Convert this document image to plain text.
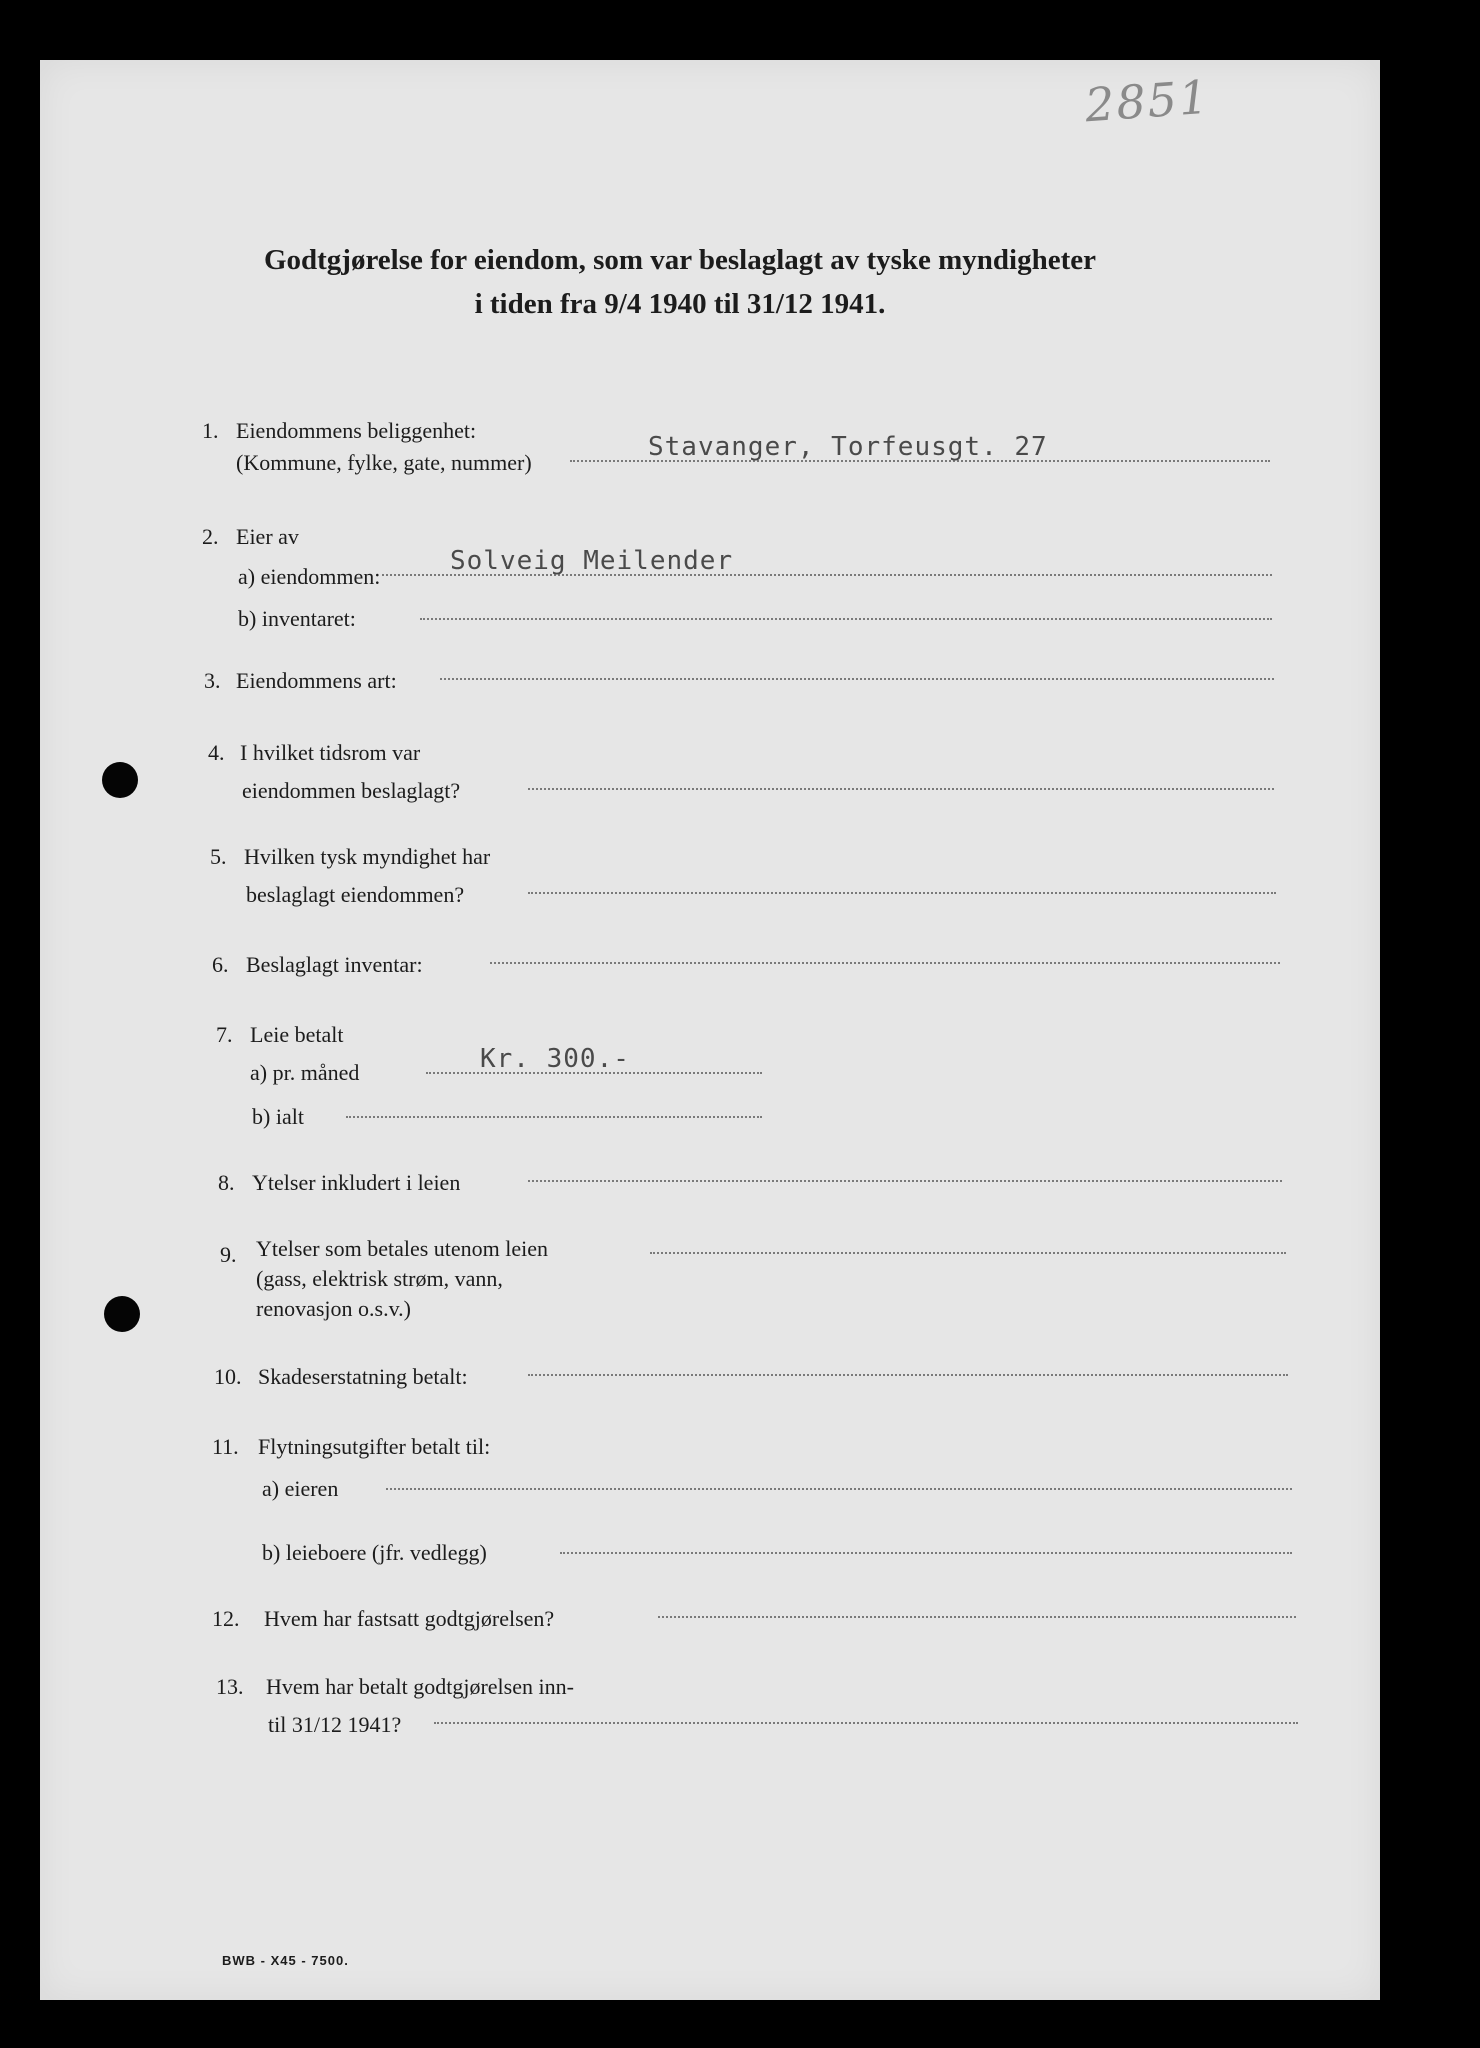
2851
Godtgjørelse for eiendom, som var beslaglagt av tyske myndigheter
i tiden fra 9/4 1940 til 31/12 1941.
1. Eiendommens beliggenhet:
(Kommune, fylke, gate, nummer)
Stavanger, Torfeusgt. 27
2. Eier av
a) eiendommen:
Solveig Meilender
b) inventaret:
3. Eiendommens art:
4. I hvilket tidsrom var
eiendommen beslaglagt?
5. Hvilken tysk myndighet har
beslaglagt eiendommen?
6. Beslaglagt inventar:
7. Leie betalt
a) pr. måned	Kr. 300.-
b) ialt
8. Ytelser inkludert i leien
9. Ytelser som betales utenom leien
(gass, elektrisk strøm, vann,
renovasjon o.s.v.)
10. Skadeserstatning betalt:
11. Flytningsutgifter betalt til:
a) eieren
b) leieboere (jfr. vedlegg)
12. Hvem har fastsatt godtgjørelsen?
13. Hvem har betalt godtgjørelsen inn-
til 31/12 1941?
BWB - X45 - 7500.
